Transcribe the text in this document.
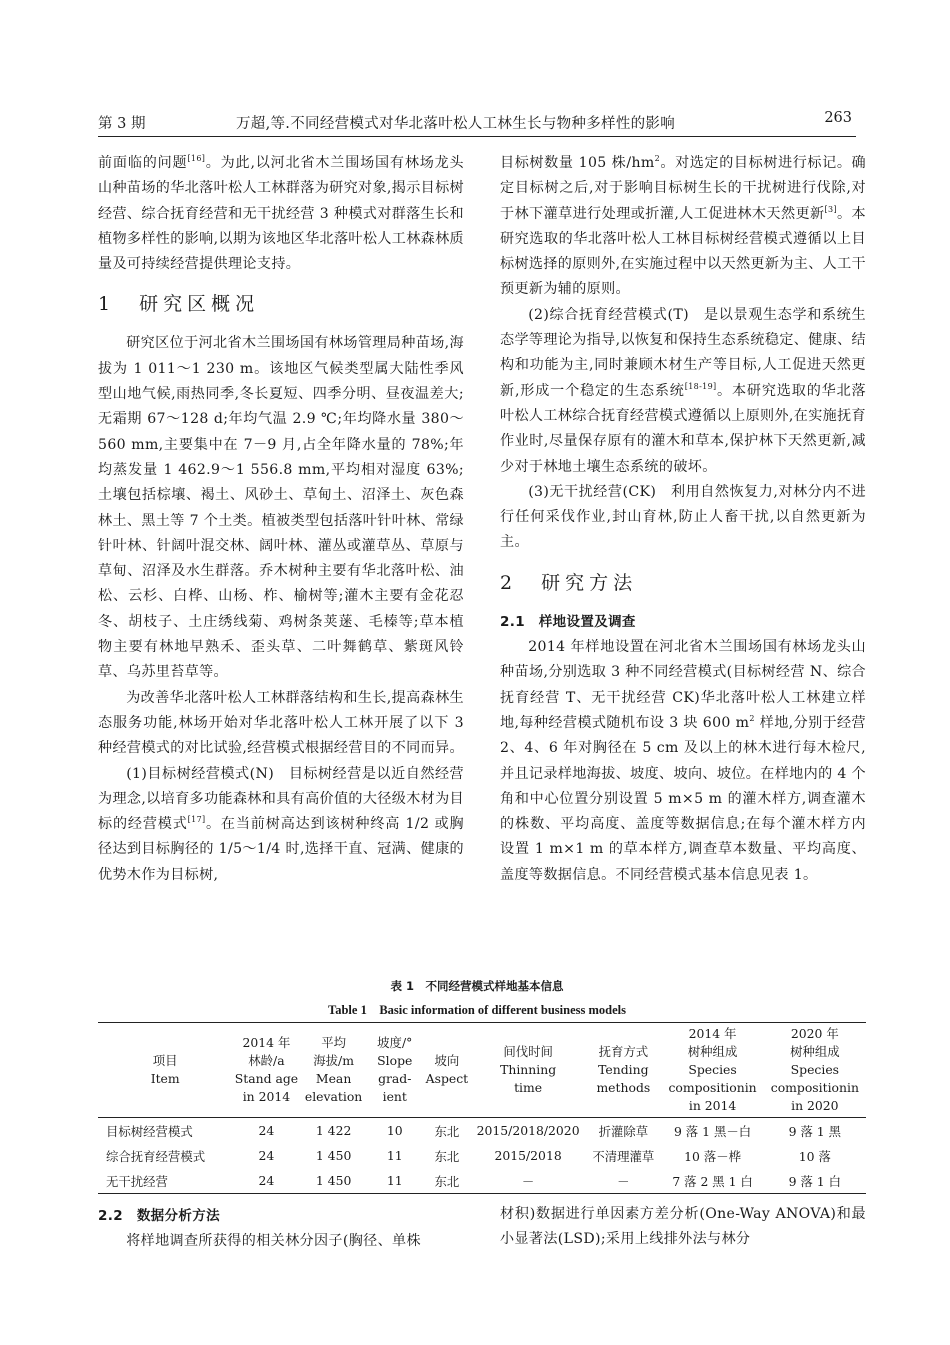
第 3 期	万超,等.不同经营模式对华北落叶松人工林生长与物种多样性的影响	263

前面临的问题[16]。为此,以河北省木兰围场国有林场龙头山种苗场的华北落叶松人工林群落为研究对象,揭示目标树经营、综合抚育经营和无干扰经营 3 种模式对群落生长和植物多样性的影响,以期为该地区华北落叶松人工林森林质量及可持续经营提供理论支持。

1　研究区概况

研究区位于河北省木兰围场国有林场管理局种苗场,海拔为 1 011～1 230 m。该地区气候类型属大陆性季风型山地气候,雨热同季,冬长夏短、四季分明、昼夜温差大;无霜期 67～128 d;年均气温 2.9 ℃;年均降水量 380～560 mm,主要集中在 7－9 月,占全年降水量的 78%;年均蒸发量 1 462.9～1 556.8 mm,平均相对湿度 63%;土壤包括棕壤、褐土、风砂土、草甸土、沼泽土、灰色森林土、黑土等 7 个土类。植被类型包括落叶针叶林、常绿针叶林、针阔叶混交林、阔叶林、灌丛或灌草丛、草原与草甸、沼泽及水生群落。乔木树种主要有华北落叶松、油松、云杉、白桦、山杨、柞、榆树等;灌木主要有金花忍冬、胡枝子、土庄绣线菊、鸡树条荚蒾、毛榛等;草本植物主要有林地早熟禾、歪头草、二叶舞鹤草、紫斑风铃草、乌苏里苔草等。

为改善华北落叶松人工林群落结构和生长,提高森林生态服务功能,林场开始对华北落叶松人工林开展了以下 3 种经营模式的对比试验,经营模式根据经营目的不同而异。

(1)目标树经营模式(N)　目标树经营是以近自然经营为理念,以培育多功能森林和具有高价值的大径级木材为目标的经营模式[17]。在当前树高达到该树种终高 1/2 或胸径达到目标胸径的 1/5～1/4 时,选择干直、冠满、健康的优势木作为目标树,

目标树数量 105 株$/hm^2$。对选定的目标树进行标记。确定目标树之后,对于影响目标树生长的干扰树进行伐除,对于林下灌草进行处理或折灌,人工促进林木天然更新[3]。本研究选取的华北落叶松人工林目标树经营模式遵循以上目标树选择的原则外,在实施过程中以天然更新为主、人工干预更新为辅的原则。

(2)综合抚育经营模式(T)　是以景观生态学和系统生态学等理论为指导,以恢复和保持生态系统稳定、健康、结构和功能为主,同时兼顾木材生产等目标,人工促进天然更新,形成一个稳定的生态系统[18-19]。本研究选取的华北落叶松人工林综合抚育经营模式遵循以上原则外,在实施抚育作业时,尽量保存原有的灌木和草本,保护林下天然更新,减少对于林地土壤生态系统的破坏。

(3)无干扰经营(CK)　利用自然恢复力,对林分内不进行任何采伐作业,封山育林,防止人畜干扰,以自然更新为主。

2　研究方法
2.1　样地设置及调查

2014 年样地设置在河北省木兰围场国有林场龙头山种苗场,分别选取 3 种不同经营模式(目标树经营 N、综合抚育经营 T、无干扰经营 CK)华北落叶松人工林建立样地,每种经营模式随机布设 3 块 600 $m^2$ 样地,分别于经营 2、4、6 年对胸径在 5 cm 及以上的林木进行每木检尺,并且记录样地海拔、坡度、坡向、坡位。在样地内的 4 个角和中心位置分别设置 5 m×5 m 的灌木样方,调查灌木的株数、平均高度、盖度等数据信息;在每个灌木样方内设置 1 m×1 m 的草本样方,调查草本数量、平均高度、盖度等数据信息。不同经营模式基本信息见表 1。

表 1　不同经营模式样地基本信息
Table 1　Basic information of different business models
项目
Item	2014 年
林龄/a
Stand age
in 2014	平均
海拔/m
Mean
elevation	坡度/°
Slope
grad-
ient	坡向
Aspect	间伐时间
Thinning
time	抚育方式
Tending
methods	2014 年
树种组成
Species
compositionin
in 2014	2020 年
树种组成
Species
compositionin
in 2020
目标树经营模式	24	1 422	10	东北	2015/2018/2020	折灌除草	9 落 1 黑－白	9 落 1 黑
综合抚育经营模式	24	1 450	11	东北	2015/2018	不清理灌草	10 落－桦	10 落
无干扰经营	24	1 450	11	东北	－	－	7 落 2 黑 1 白	9 落 1 白
2.2　数据分析方法

将样地调查所获得的相关林分因子(胸径、单株

材积)数据进行单因素方差分析(One-Way ANOVA)和最小显著法(LSD);采用上线排外法与林分
